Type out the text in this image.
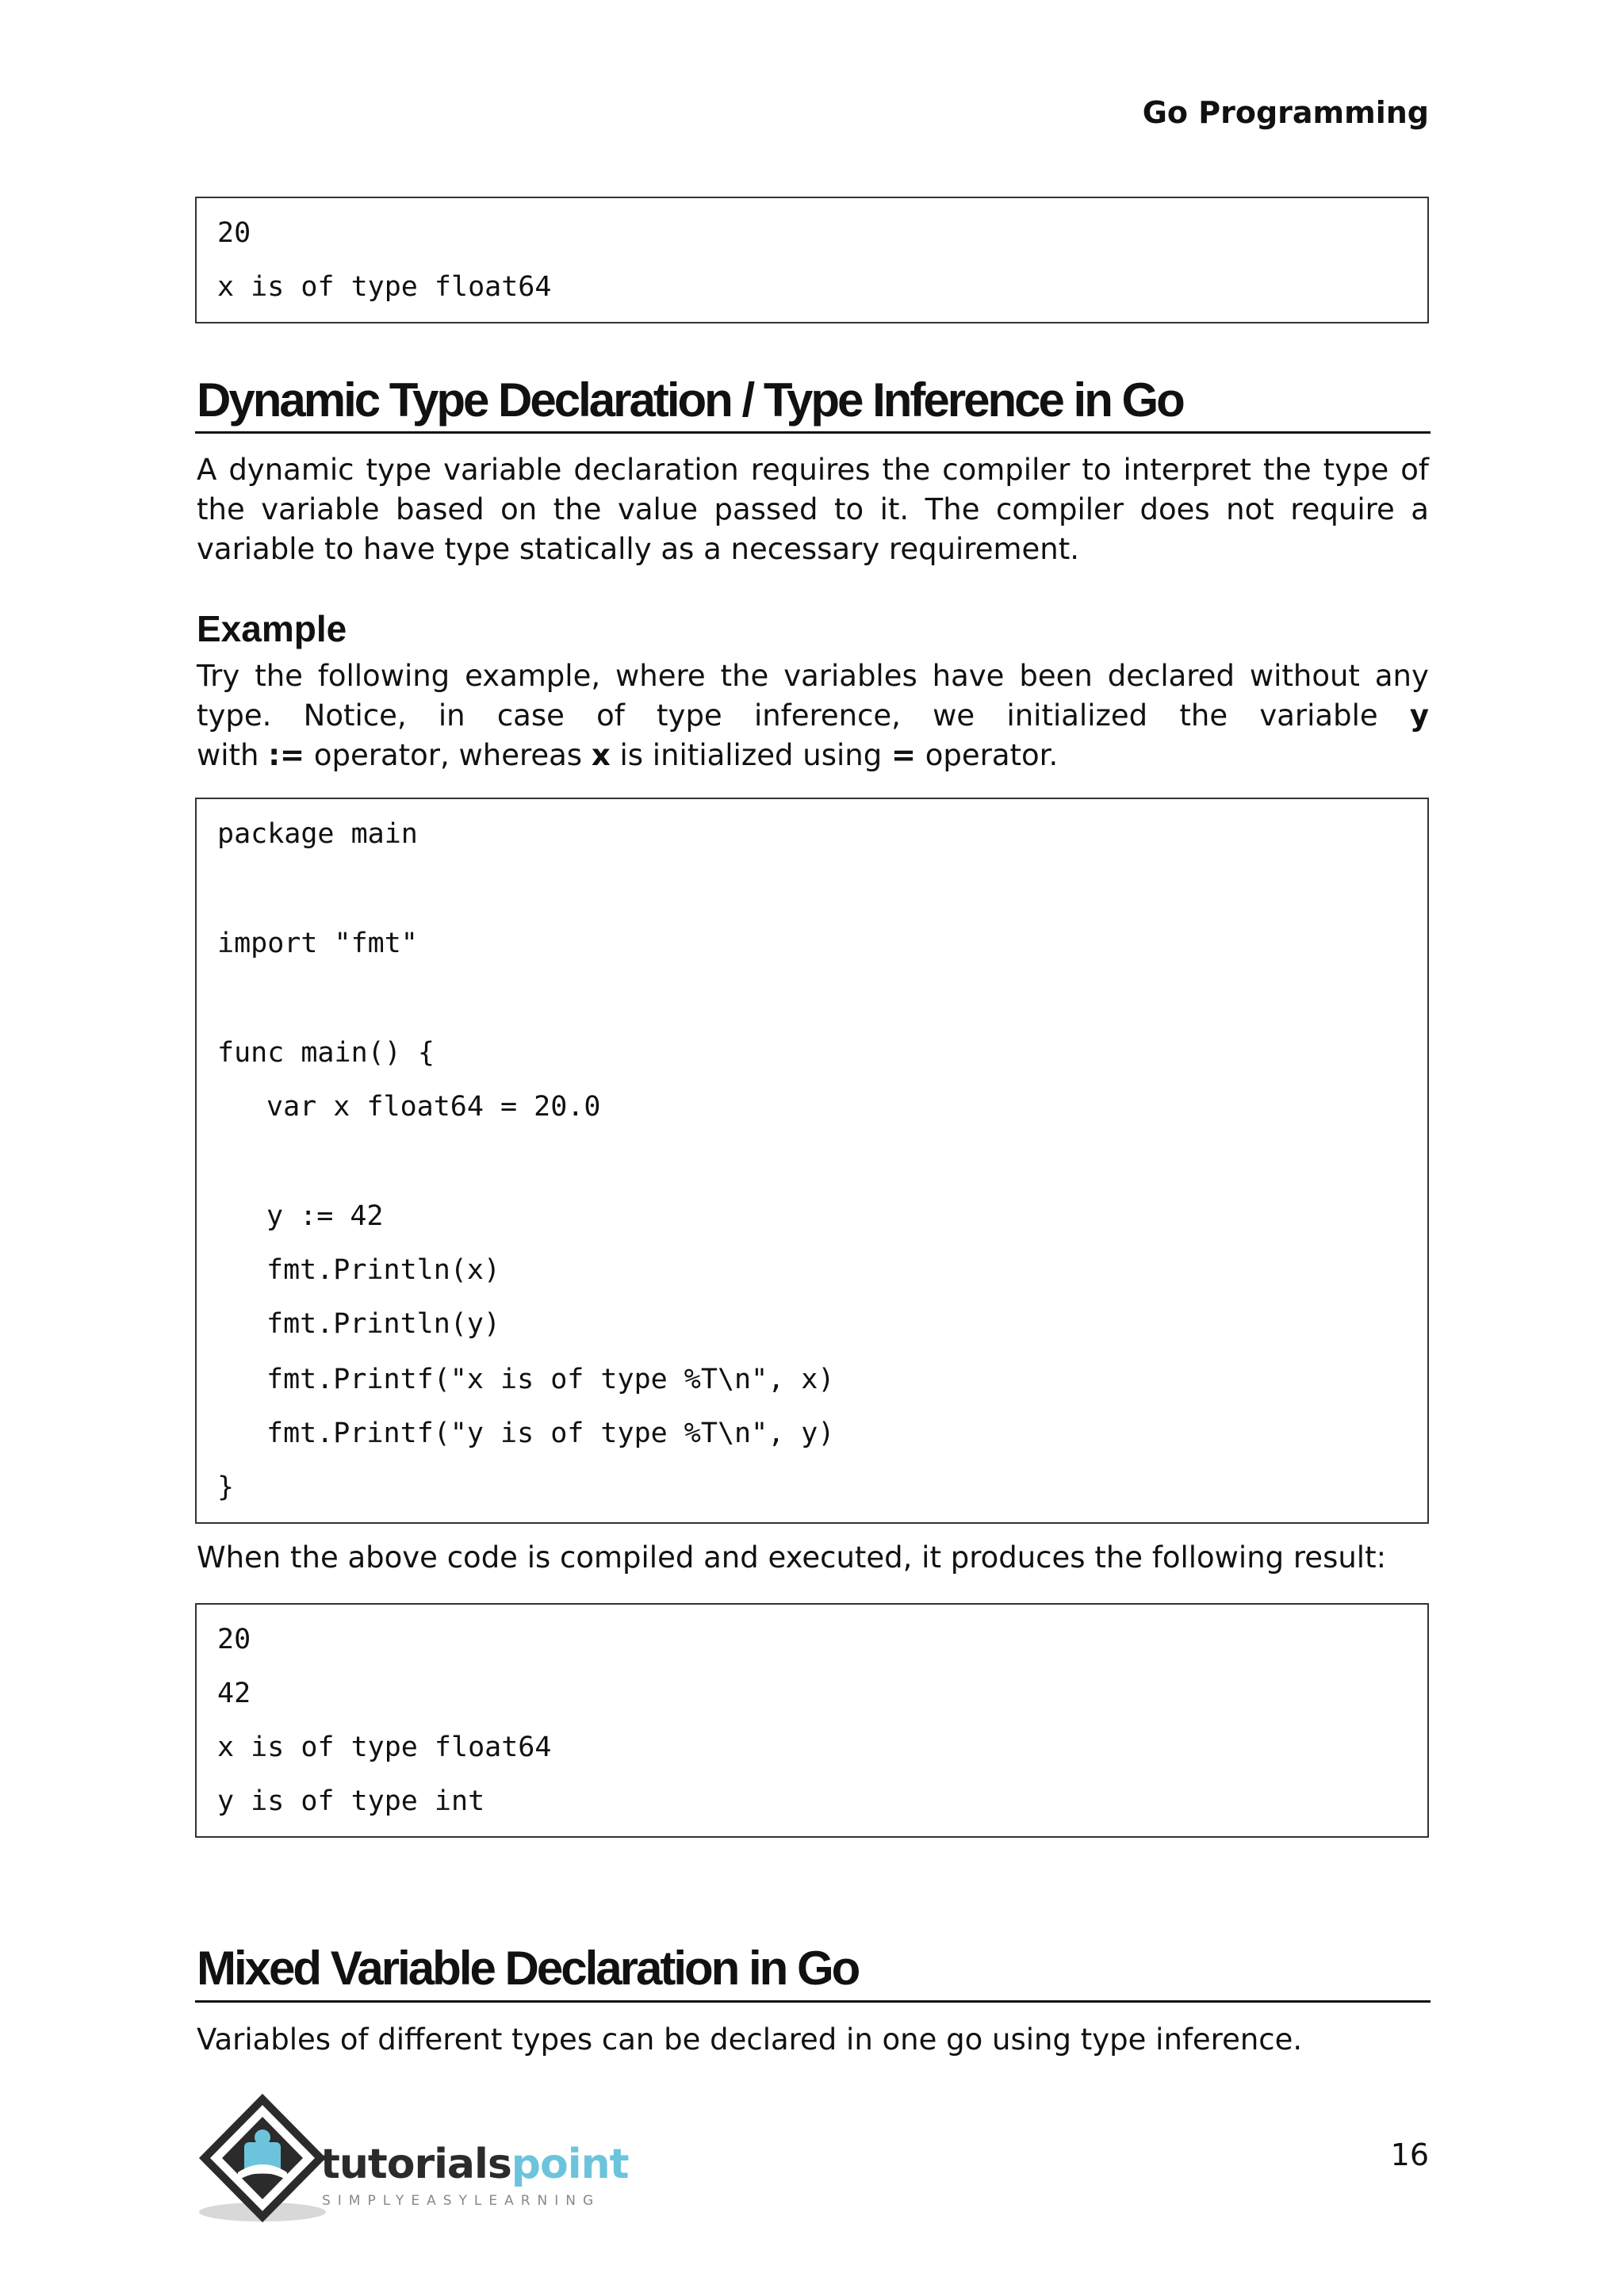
Go Programming
20
x is of type float64
Dynamic Type Declaration / Type Inference in Go
A dynamic type variable declaration requires the compiler to interpret the type of
the variable based on the value passed to it. The compiler does not require a
variable to have type statically as a necessary requirement.
Example
Try the following example, where the variables have been declared without any
type. Notice, in case of type inference, we initialized the variable y
with := operator, whereas x is initialized using = operator.
package main
import "fmt"
func main() {
var x float64 = 20.0
y := 42
fmt.Println(x)
fmt.Println(y)
fmt.Printf("x is of type %T\n", x)
fmt.Printf("y is of type %T\n", y)
}
When the above code is compiled and executed, it produces the following result:
20
42
x is of type float64
y is of type int
Mixed Variable Declaration in Go
Variables of different types can be declared in one go using type inference.
tutorialspoint
SIMPLYEASYLEARNING
16
